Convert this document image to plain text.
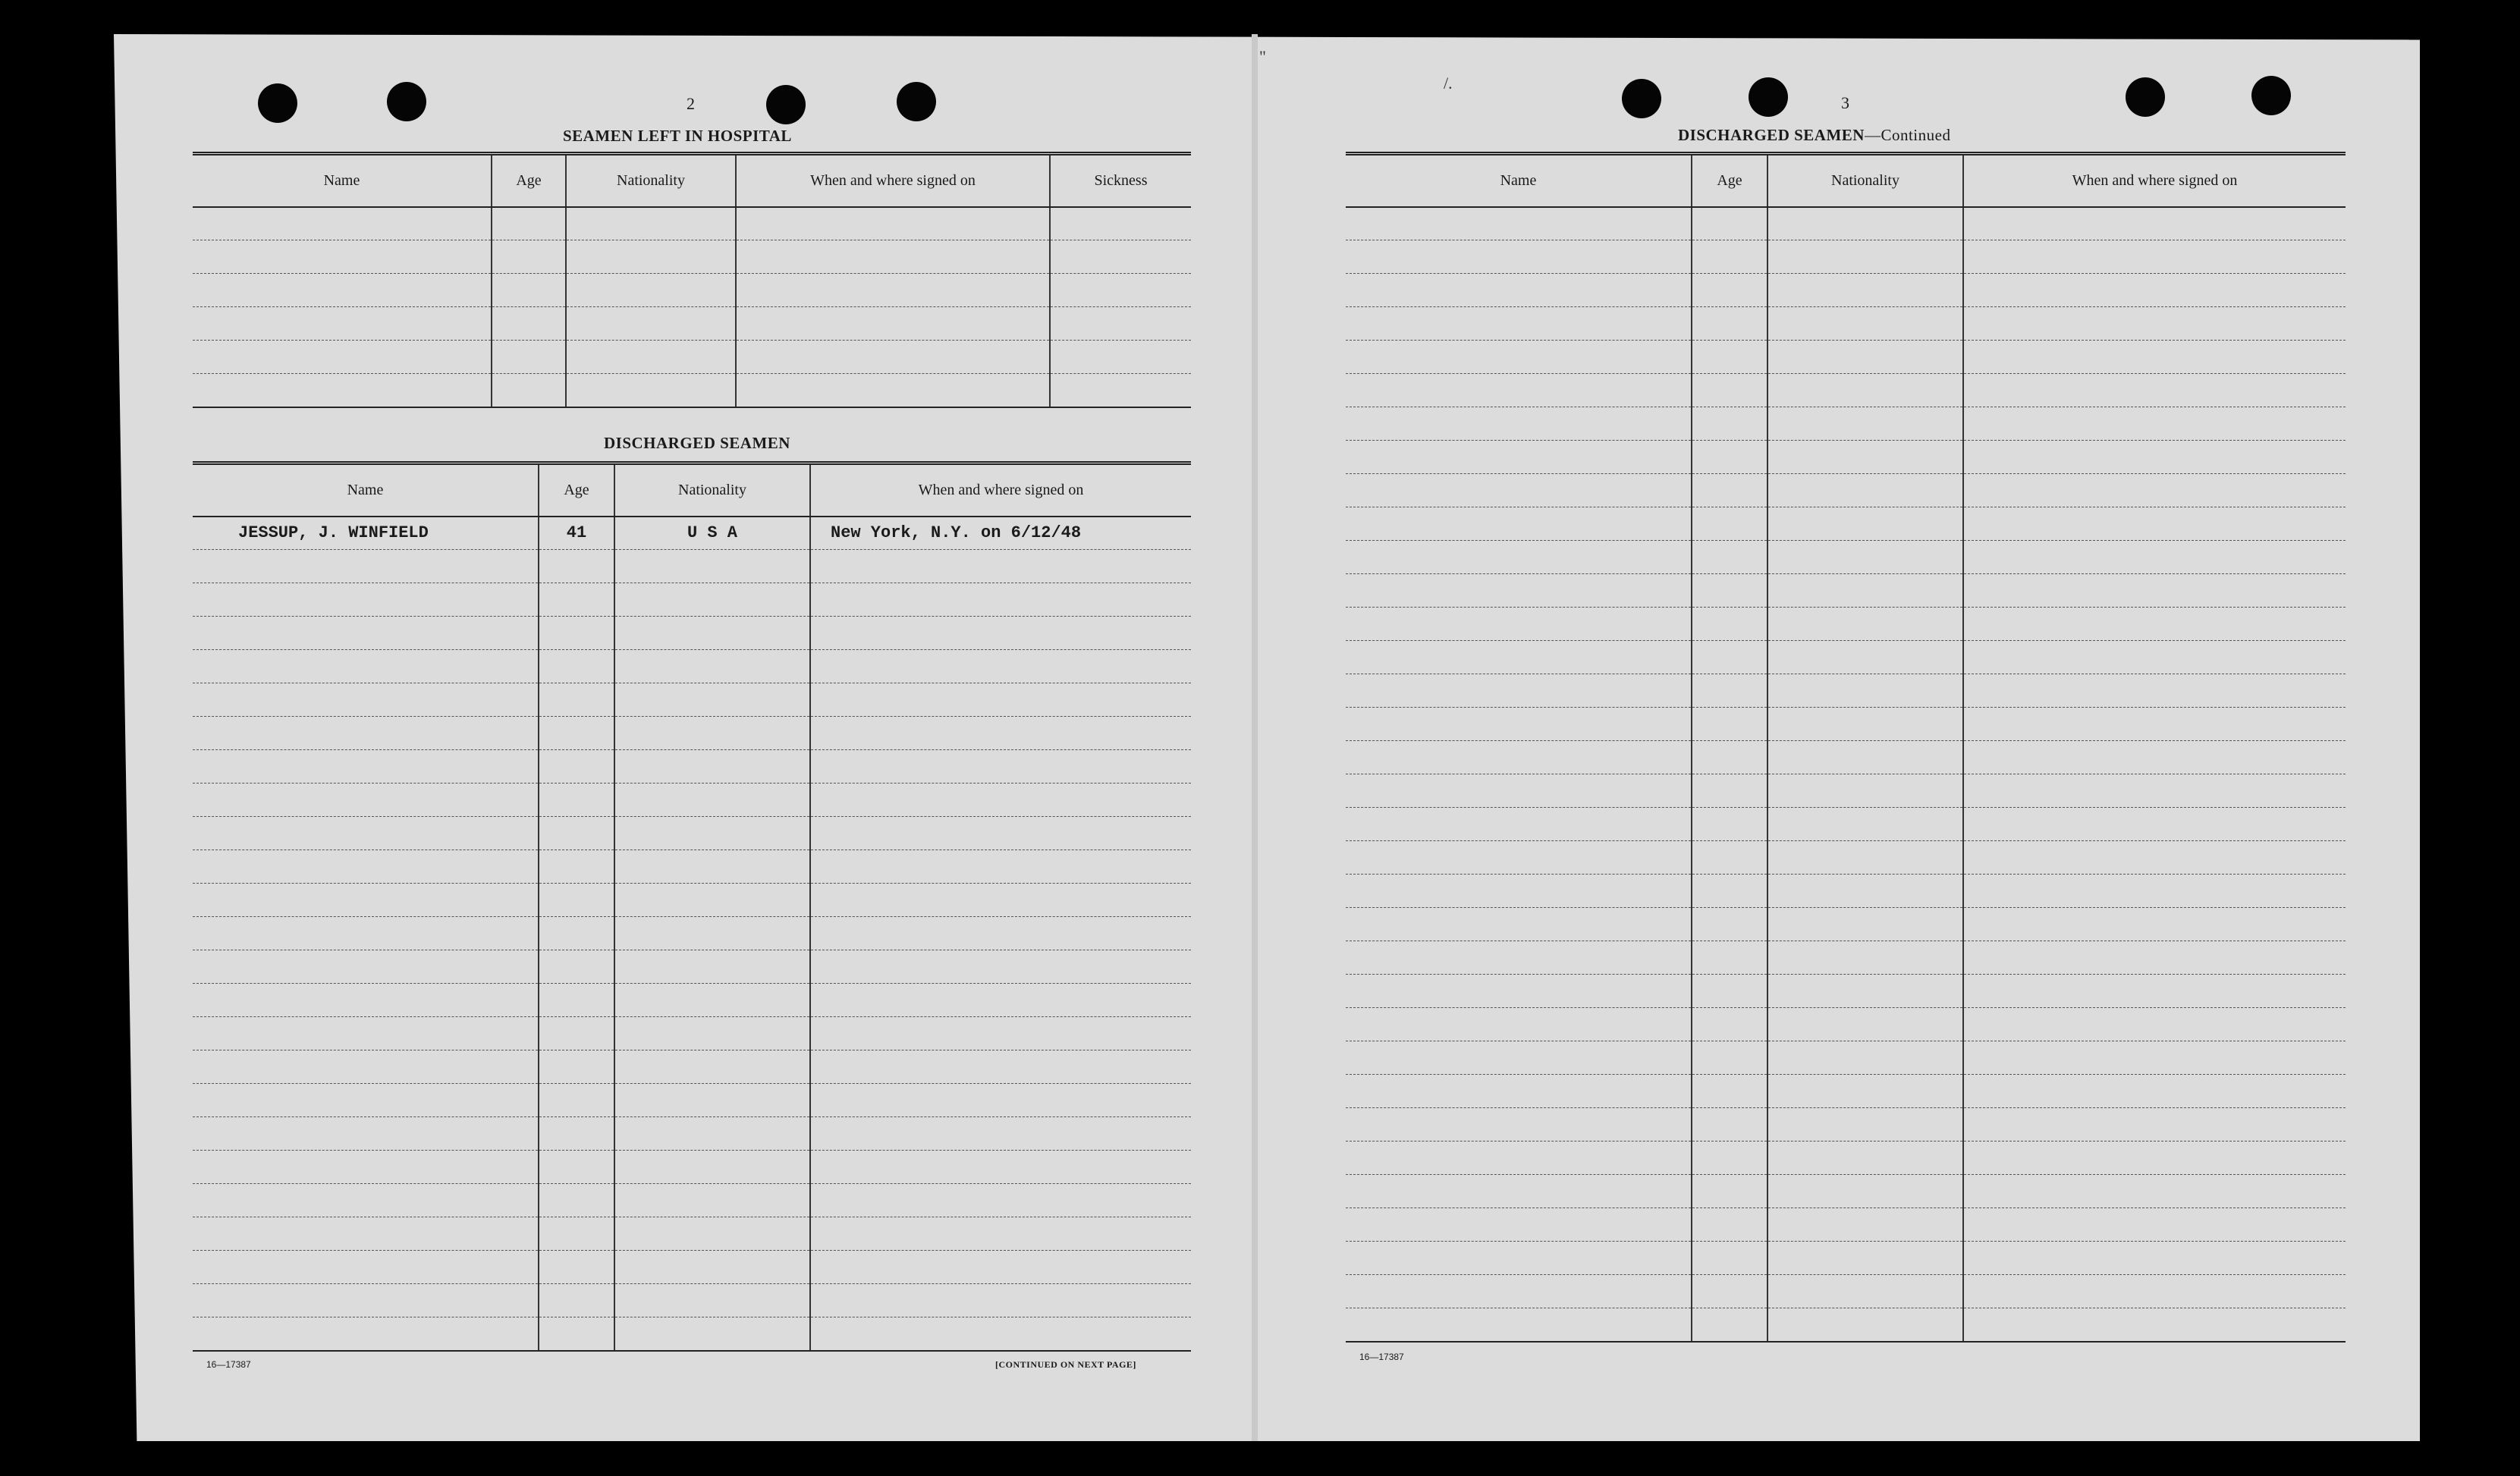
"
/.
2
SEAMEN LEFT IN HOSPITAL
Name	Age	Nationality	When and where signed on	Sickness

DISCHARGED SEAMEN
Name	Age	Nationality	When and where signed on
JESSUP, J. WINFIELD	41	U S A	New York, N.Y. on 6/12/48

16—17387	[CONTINUED ON NEXT PAGE]
3
DISCHARGED SEAMEN—Continued
Name	Age	Nationality	When and where signed on

16—17387
